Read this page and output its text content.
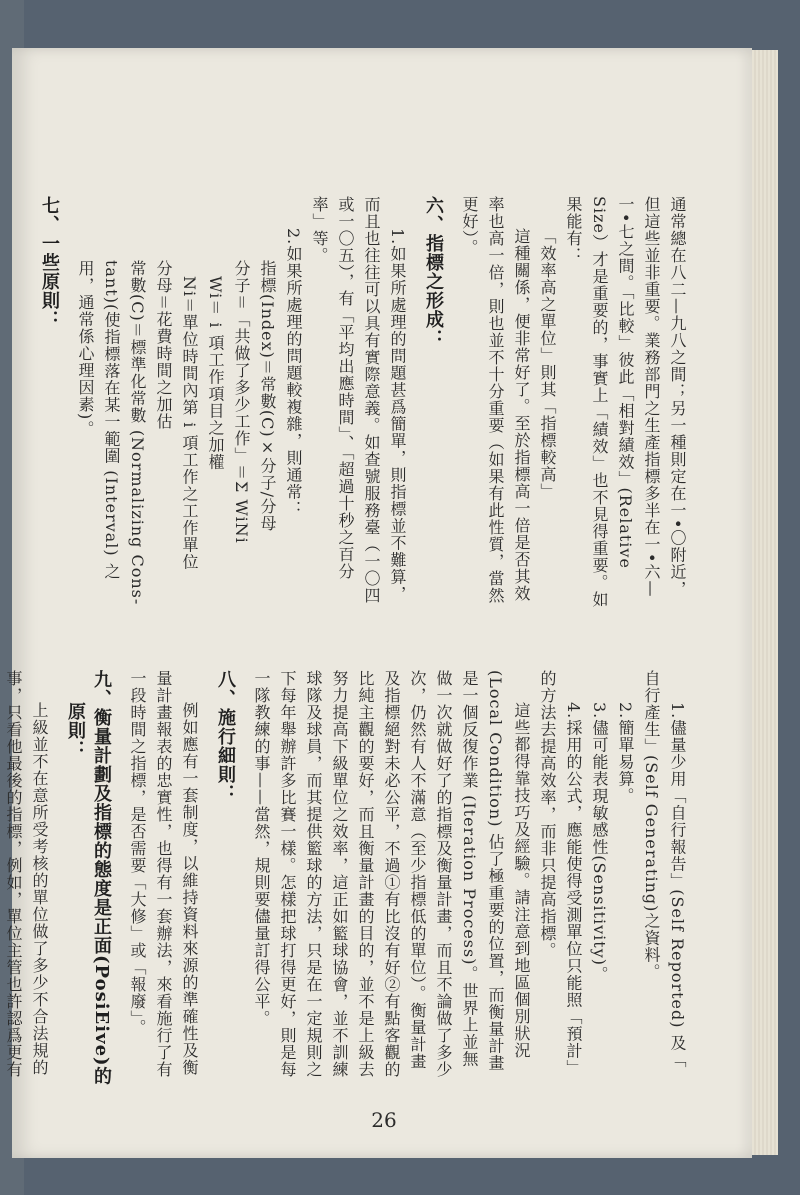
通常總在八二—九八之間；另一種則定在一•〇附近，
但這些並非重要。業務部門之生產指標多半在一•六—
一•七之間。「比較」彼此「相對績效」(Relative
Size）才是重要的，事實上「績效」也不見得重要。如
果能有：
「效率高之單位」則其「指標較高」
這種關係，便非常好了。至於指標高一倍是否其效
率也高一倍，則也並不十分重要（如果有此性質，當然
更好）。
六、指標之形成：
1.如果所處理的問題甚爲簡單，則指標並不難算，
而且也往往可以具有實際意義。如查號服務臺（一〇四
或一〇五），有「平均出應時間」、「超過十秒之百分
率」等。
2.如果所處理的問題較複雜，則通常：
指標(Index)＝常數(C)×分子/分母
分子＝「共做了多少工作」＝Σ WiNi
Wi＝ i 項工作項目之加權
Ni＝單位時間內第 i 項工作之工作單位
分母＝花費時間之加估
常數(C)＝標準化常數 (Normalizing Cons-
tant)(使指標落在某一範圍 (Interval) 之
用，通常係心理因素)。
七、一些原則：
1.儘量少用「自行報告」(Self Reported) 及「
自行產生」(Self Generating)之資料。
2.簡單易算。
3.儘可能表現敏感性(Sensitivity)。
4.採用的公式，應能使得受測單位只能照「預計」
的方法去提高效率，而非只提高指標。
這些都得靠技巧及經驗。請注意到地區個別狀況
(Local Condition) 佔了極重要的位置，而衡量計畫
是一個反復作業 (Iteration Process)。世界上並無
做一次就做好了的指標及衡量計畫，而且不論做了多少
次，仍然有人不滿意（至少指標低的單位）。衡量計畫
及指標絕對未必公平，不過①有比沒有好②有點客觀的
比純主觀的要好，而且衡量計畫的目的，並不是上級去
努力提高下級單位之效率，這正如籃球協會，並不訓練
球隊及球員，而其提供籃球的方法，只是在一定規則之
下每年舉辦許多比賽一樣。怎樣把球打得更好，則是每
一隊教練的事——當然，規則要儘量訂得公平。
八、施行細則：
例如應有一套制度，以維持資料來源的準確性及衡
量計畫報表的忠實性，也得有一套辦法，來看施行了有
一段時間之指標，是否需要「大修」或「報廢」。
九、衡量計劃及指標的態度是正面(PosiEive)的
原則：
上級並不在意所受考核的單位做了多少不合法規的
事，只看他最後的指標，例如，單位主管也許認爲更有
26
